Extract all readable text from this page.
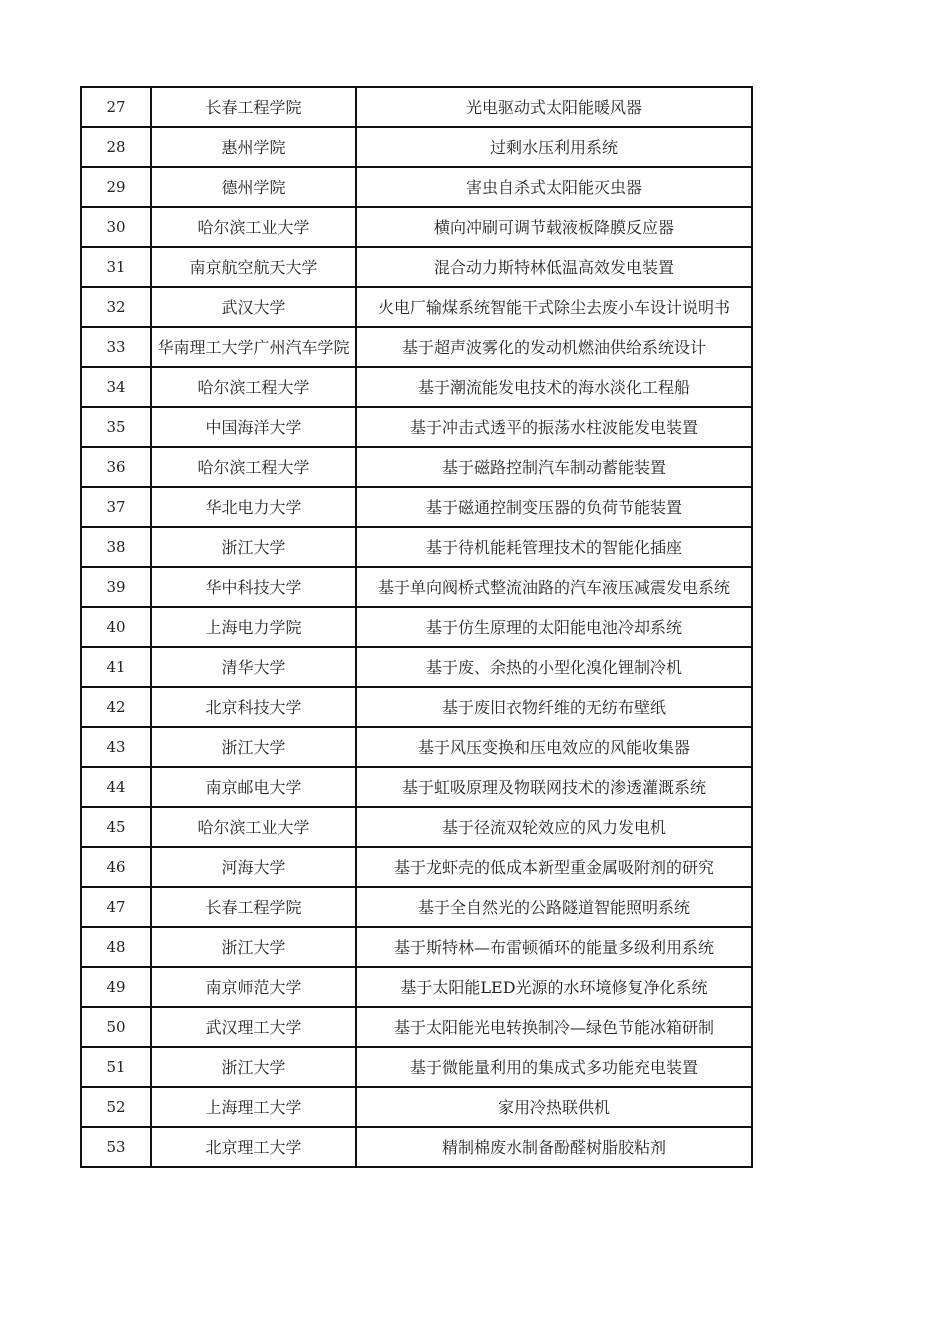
27	长春工程学院	光电驱动式太阳能暖风器
28	惠州学院	过剩水压利用系统
29	德州学院	害虫自杀式太阳能灭虫器
30	哈尔滨工业大学	横向冲刷可调节载液板降膜反应器
31	南京航空航天大学	混合动力斯特林低温高效发电装置
32	武汉大学	火电厂输煤系统智能干式除尘去废小车设计说明书
33	华南理工大学广州汽车学院	基于超声波雾化的发动机燃油供给系统设计
34	哈尔滨工程大学	基于潮流能发电技术的海水淡化工程船
35	中国海洋大学	基于冲击式透平的振荡水柱波能发电装置
36	哈尔滨工程大学	基于磁路控制汽车制动蓄能装置
37	华北电力大学	基于磁通控制变压器的负荷节能装置
38	浙江大学	基于待机能耗管理技术的智能化插座
39	华中科技大学	基于单向阀桥式整流油路的汽车液压减震发电系统
40	上海电力学院	基于仿生原理的太阳能电池冷却系统
41	清华大学	基于废、余热的小型化溴化锂制冷机
42	北京科技大学	基于废旧衣物纤维的无纺布壁纸
43	浙江大学	基于风压变换和压电效应的风能收集器
44	南京邮电大学	基于虹吸原理及物联网技术的渗透灌溉系统
45	哈尔滨工业大学	基于径流双轮效应的风力发电机
46	河海大学	基于龙虾壳的低成本新型重金属吸附剂的研究
47	长春工程学院	基于全自然光的公路隧道智能照明系统
48	浙江大学	基于斯特林—布雷顿循环的能量多级利用系统
49	南京师范大学	基于太阳能LED光源的水环境修复净化系统
50	武汉理工大学	基于太阳能光电转换制冷—绿色节能冰箱研制
51	浙江大学	基于微能量利用的集成式多功能充电装置
52	上海理工大学	家用冷热联供机
53	北京理工大学	精制棉废水制备酚醛树脂胶粘剂
